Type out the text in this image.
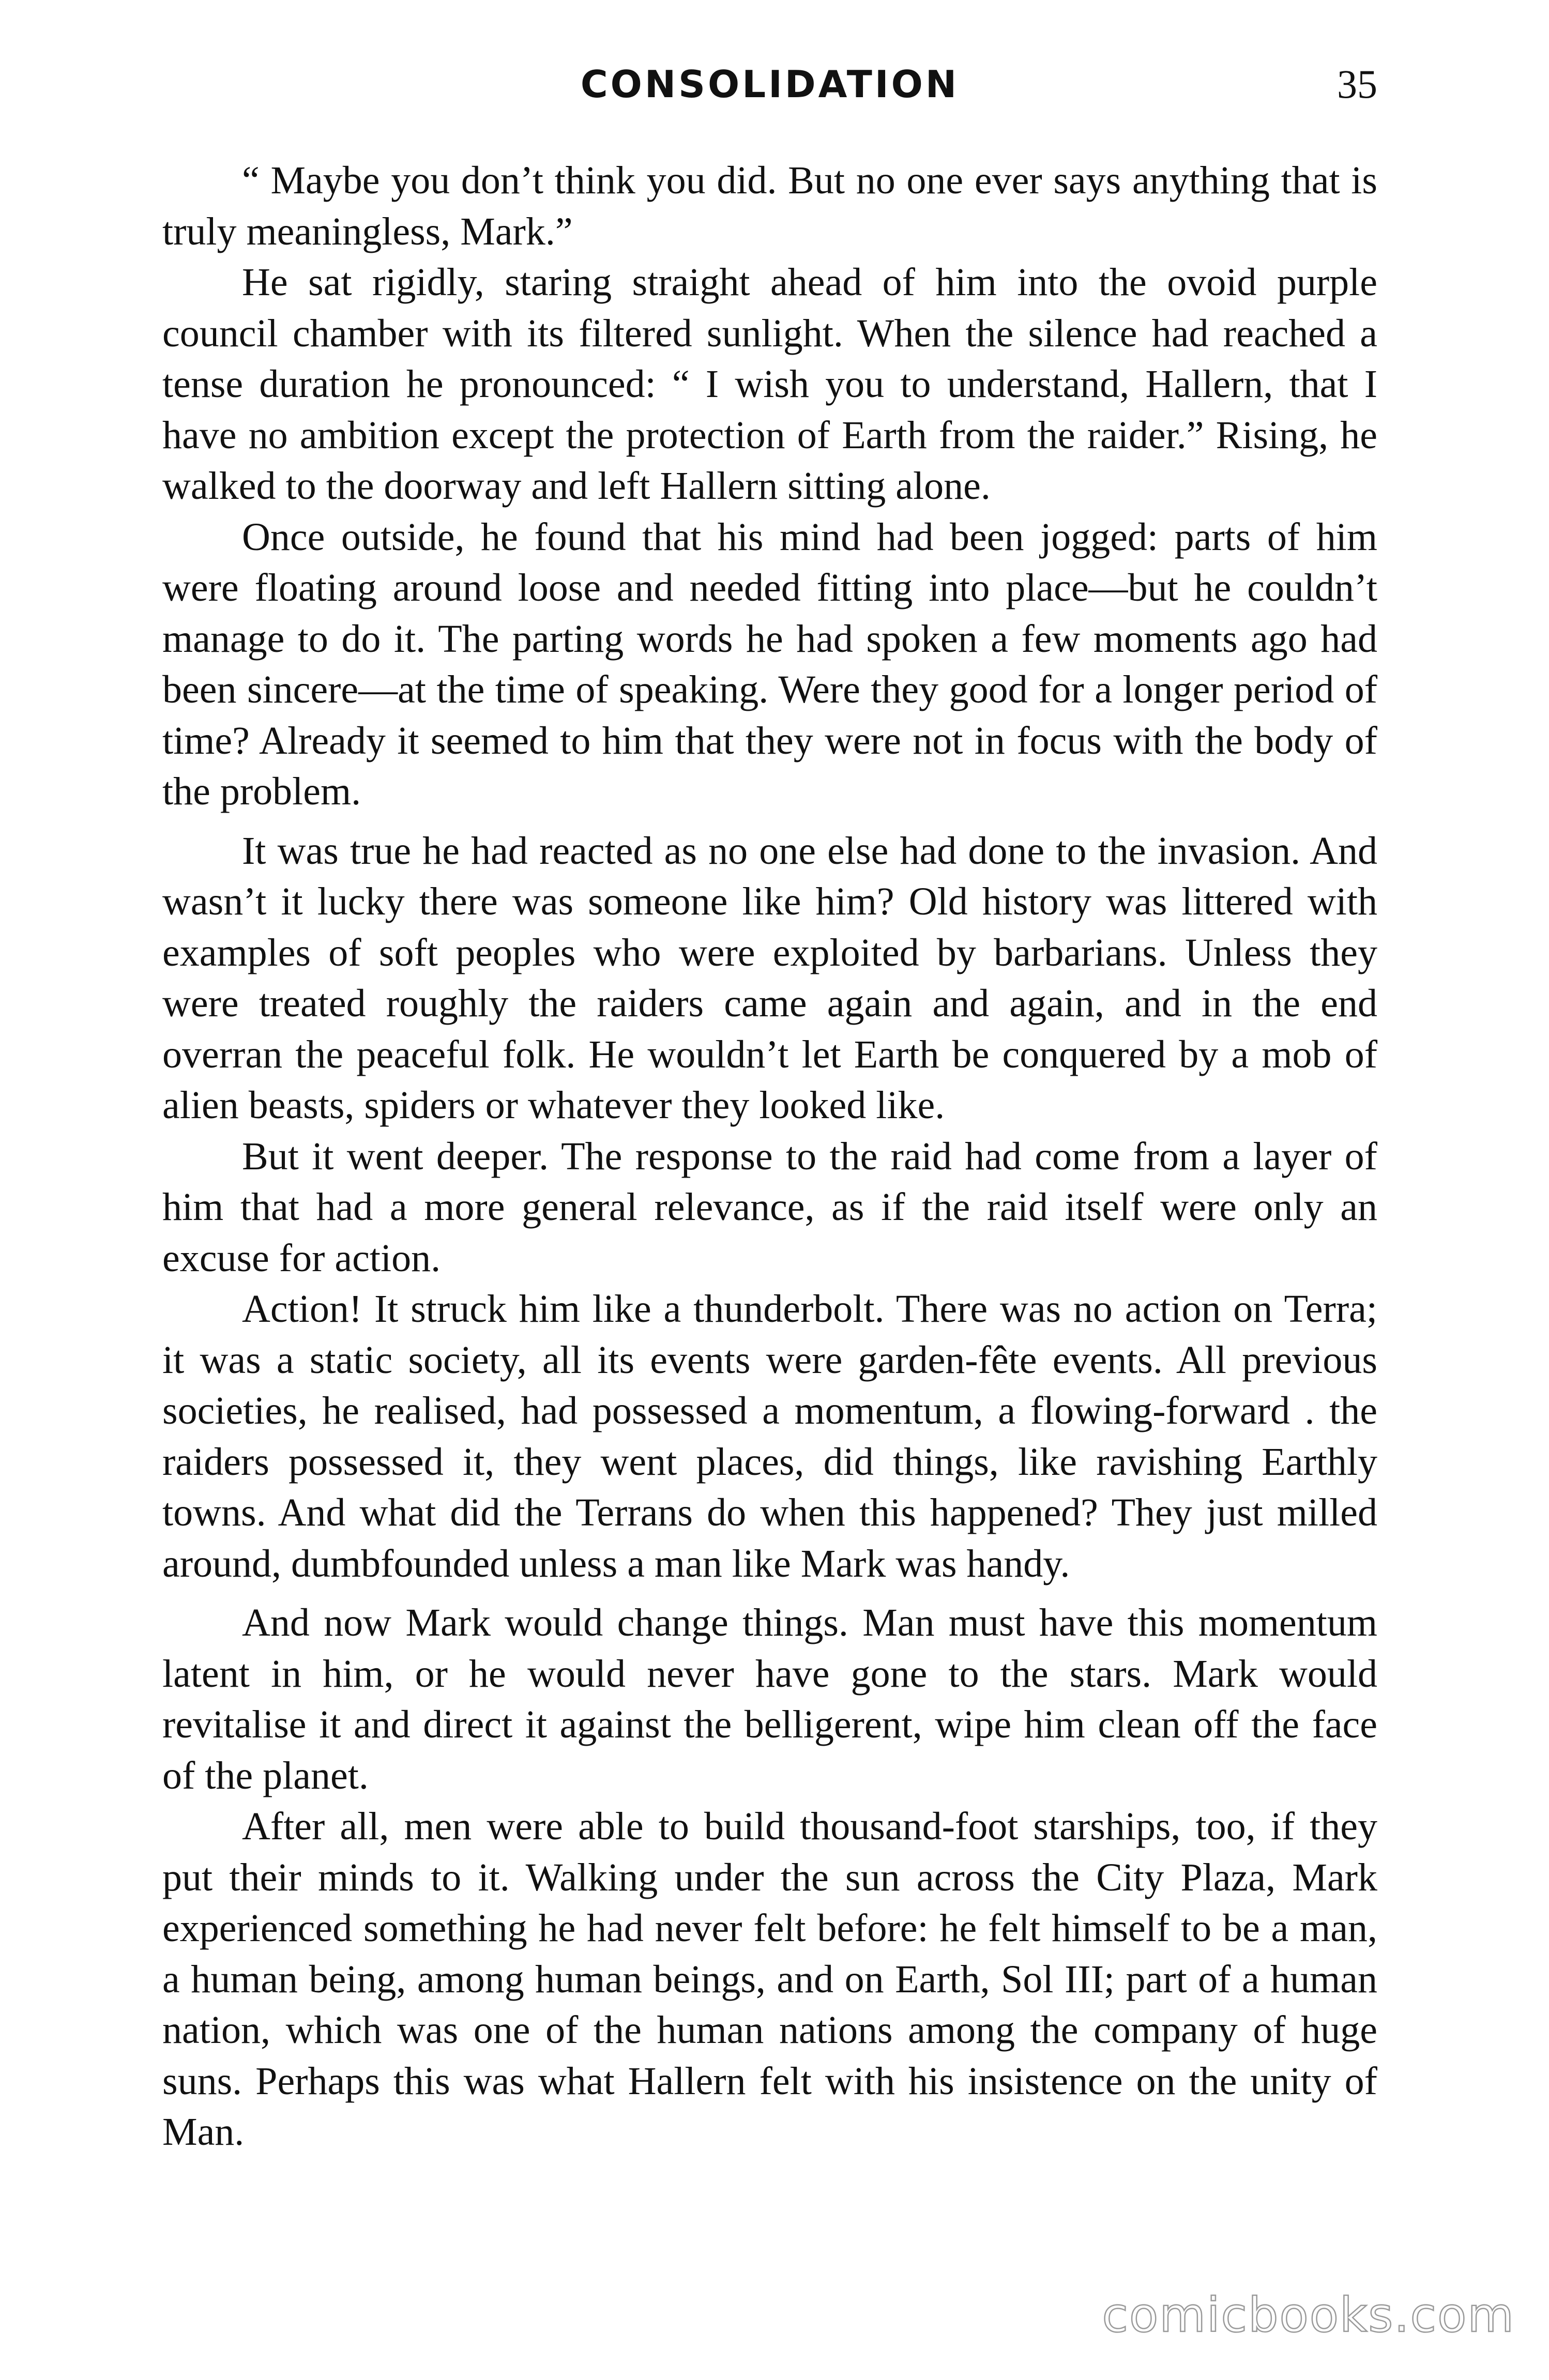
CONSOLIDATION	35

“ Maybe you don’t think you did. But no one ever says anything that is truly meaningless, Mark.”

He sat rigidly, staring straight ahead of him into the ovoid purple council chamber with its filtered sunlight. When the silence had reached a tense duration he pronounced: “ I wish you to understand, Hallern, that I have no ambition except the protection of Earth from the raider.” Rising, he walked to the doorway and left Hallern sitting alone.

Once outside, he found that his mind had been jogged: parts of him were floating around loose and needed fitting into place—but he couldn’t manage to do it. The parting words he had spoken a few moments ago had been sincere—at the time of speaking. Were they good for a longer period of time? Already it seemed to him that they were not in focus with the body of the problem.

It was true he had reacted as no one else had done to the invasion. And wasn’t it lucky there was someone like him? Old history was littered with examples of soft peoples who were exploited by barbarians. Unless they were treated roughly the raiders came again and again, and in the end overran the peaceful folk. He wouldn’t let Earth be conquered by a mob of alien beasts, spiders or whatever they looked like.

But it went deeper. The response to the raid had come from a layer of him that had a more general relevance, as if the raid itself were only an excuse for action.

Action! It struck him like a thunderbolt. There was no action on Terra; it was a static society, all its events were garden-fête events. All previous societies, he realised, had possessed a momentum, a flowing-forward . the raiders possessed it, they went places, did things, like ravishing Earthly towns. And what did the Terrans do when this happened? They just milled around, dumbfounded unless a man like Mark was handy.

And now Mark would change things. Man must have this momentum latent in him, or he would never have gone to the stars. Mark would revitalise it and direct it against the belligerent, wipe him clean off the face of the planet.

After all, men were able to build thousand-foot starships, too, if they put their minds to it. Walking under the sun across the City Plaza, Mark experienced something he had never felt before: he felt himself to be a man, a human being, among human beings, and on Earth, Sol III; part of a human nation, which was one of the human nations among the company of huge suns. Perhaps this was what Hallern felt with his insistence on the unity of Man.

comicbooks.com
